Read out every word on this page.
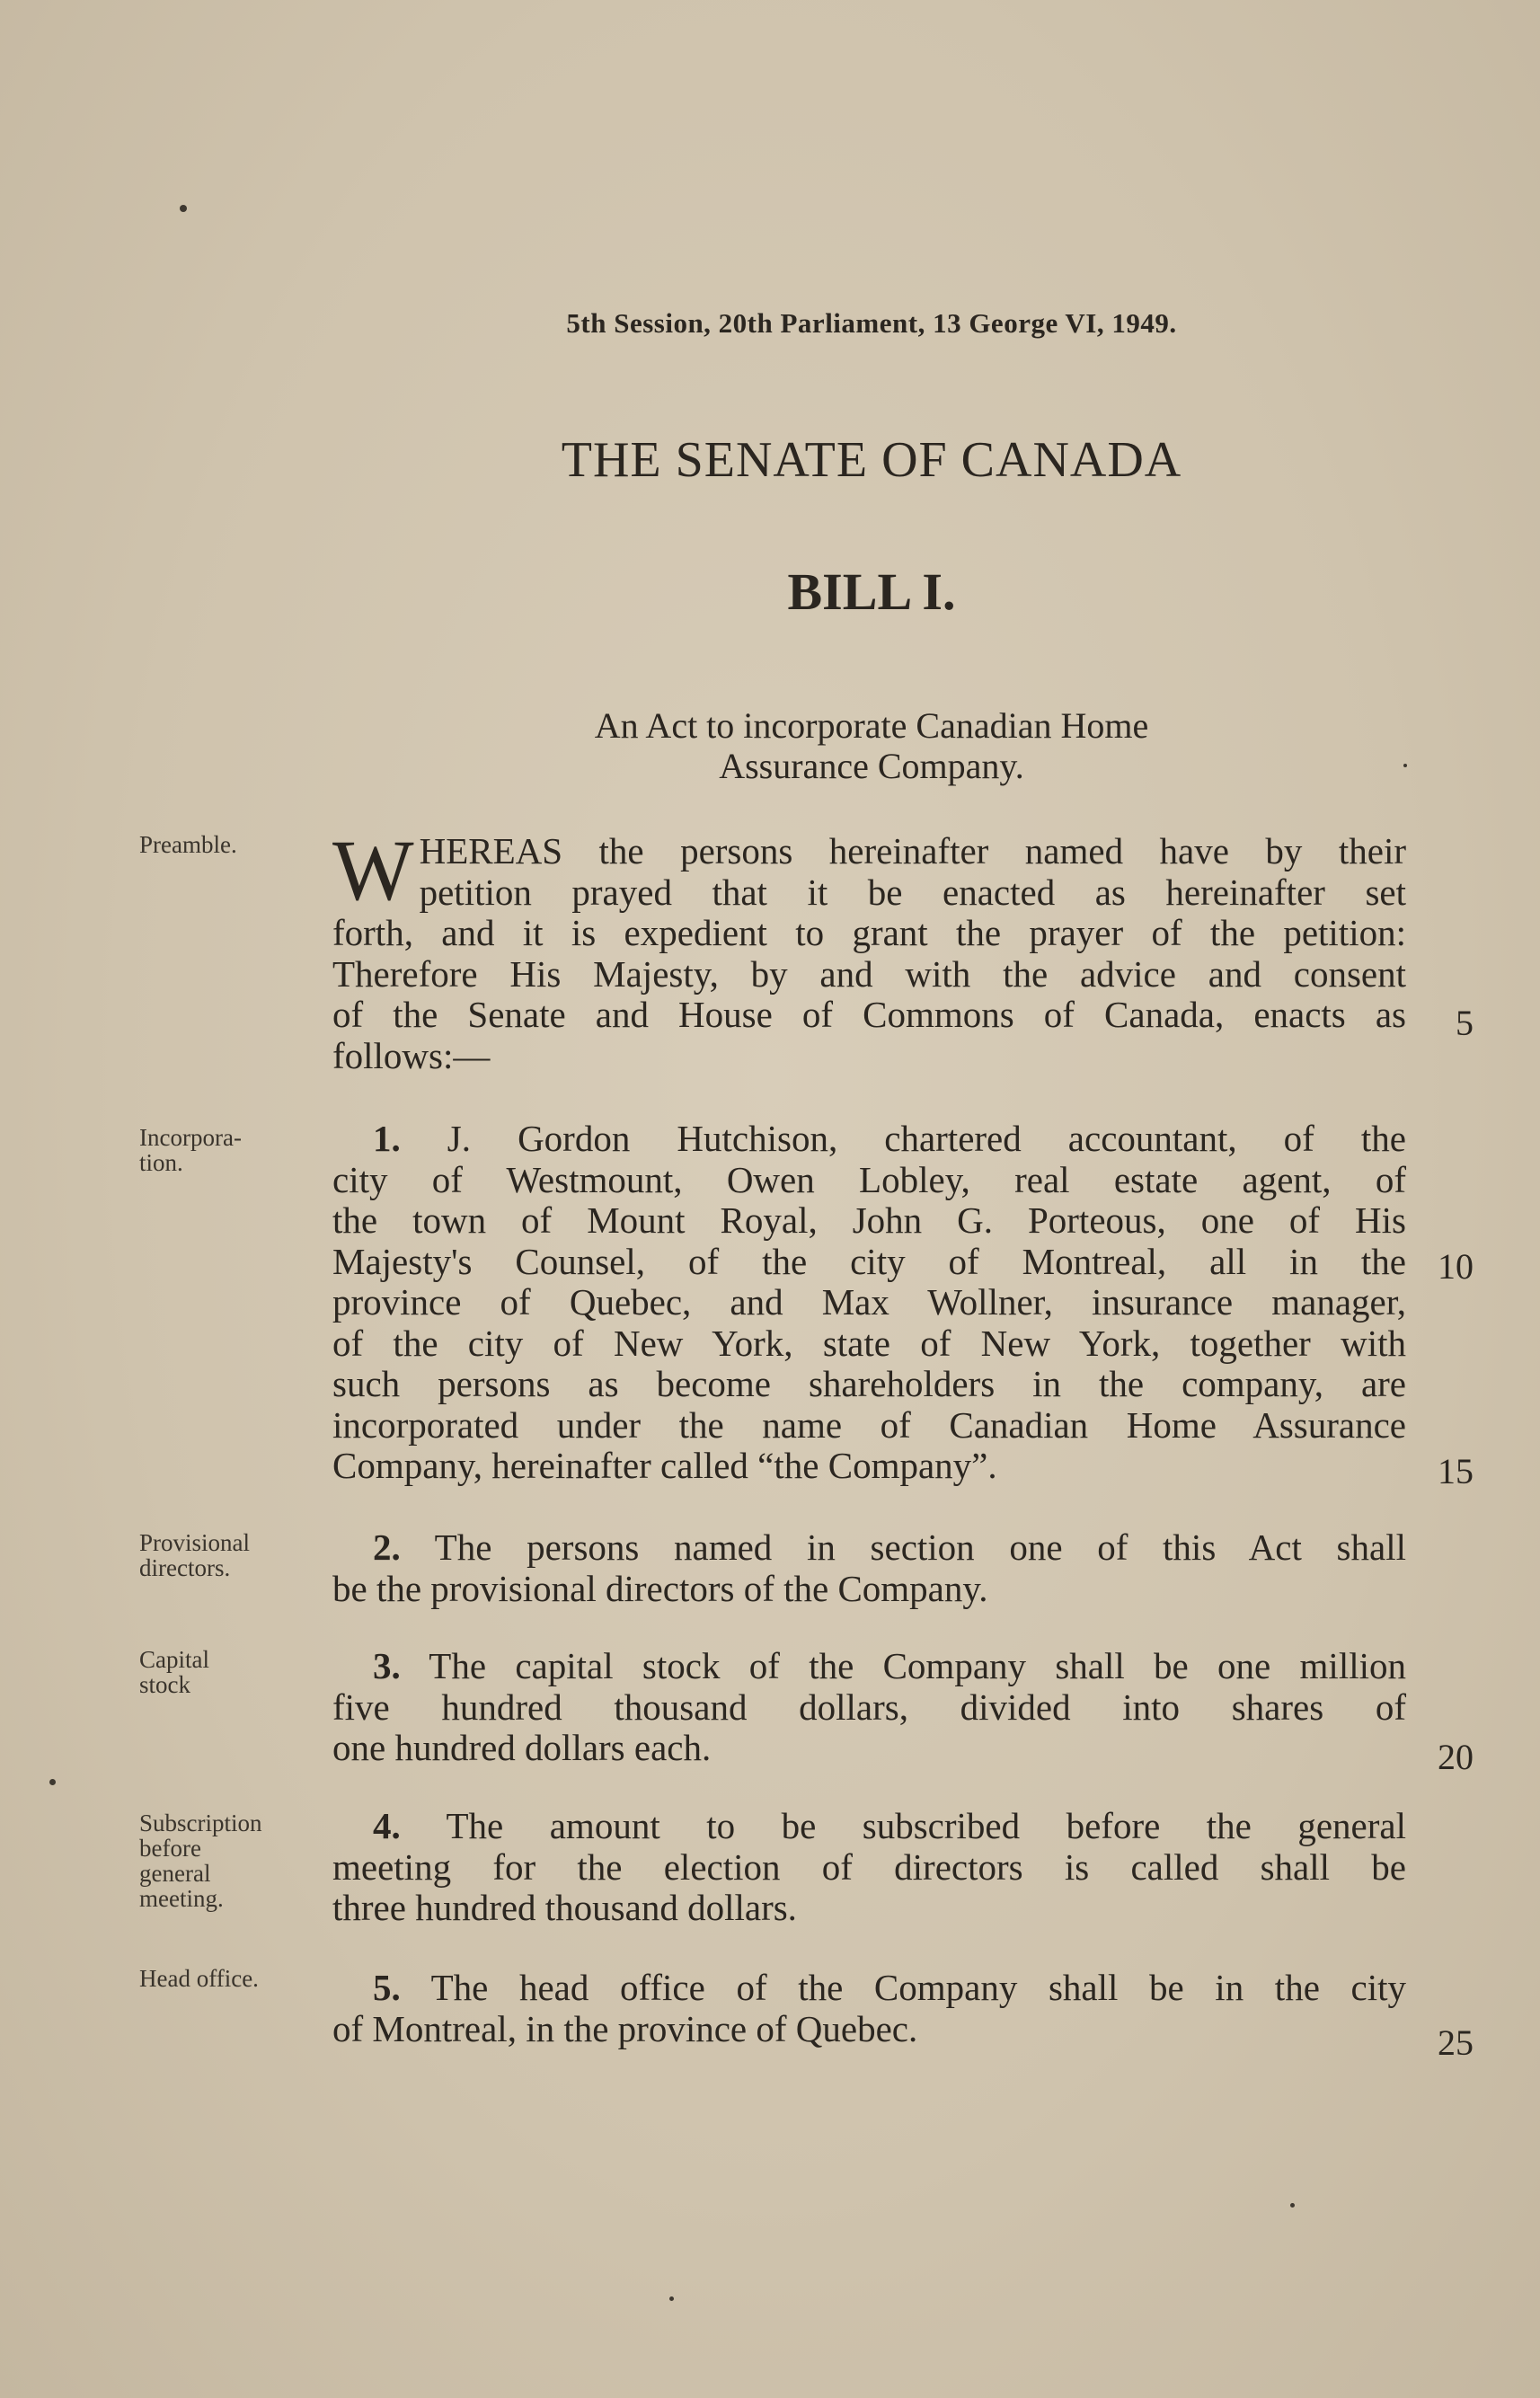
5th Session, 20th Parliament, 13 George VI, 1949.
THE SENATE OF CANADA
BILL I.
An Act to incorporate Canadian Home
Assurance Company.
Preamble.
Incorpora-
tion.
Provisional
directors.
Capital
stock
Subscription
before
general
meeting.
Head office.
W HEREAS the persons hereinafter named have by their
petition prayed that it be enacted as hereinafter set
forth, and it is expedient to grant the prayer of the petition:
Therefore His Majesty, by and with the advice and consent
of the Senate and House of Commons of Canada, enacts as
follows:—
1. J. Gordon Hutchison, chartered accountant, of the
city of Westmount, Owen Lobley, real estate agent, of
the town of Mount Royal, John G. Porteous, one of His
Majesty's Counsel, of the city of Montreal, all in the
province of Quebec, and Max Wollner, insurance manager,
of the city of New York, state of New York, together with
such persons as become shareholders in the company, are
incorporated under the name of Canadian Home Assurance
Company, hereinafter called “the Company”.
2. The persons named in section one of this Act shall
be the provisional directors of the Company.
3. The capital stock of the Company shall be one million
five hundred thousand dollars, divided into shares of
one hundred dollars each.
4. The amount to be subscribed before the general
meeting for the election of directors is called shall be
three hundred thousand dollars.
5. The head office of the Company shall be in the city
of Montreal, in the province of Quebec.
5
10
15
20
25
